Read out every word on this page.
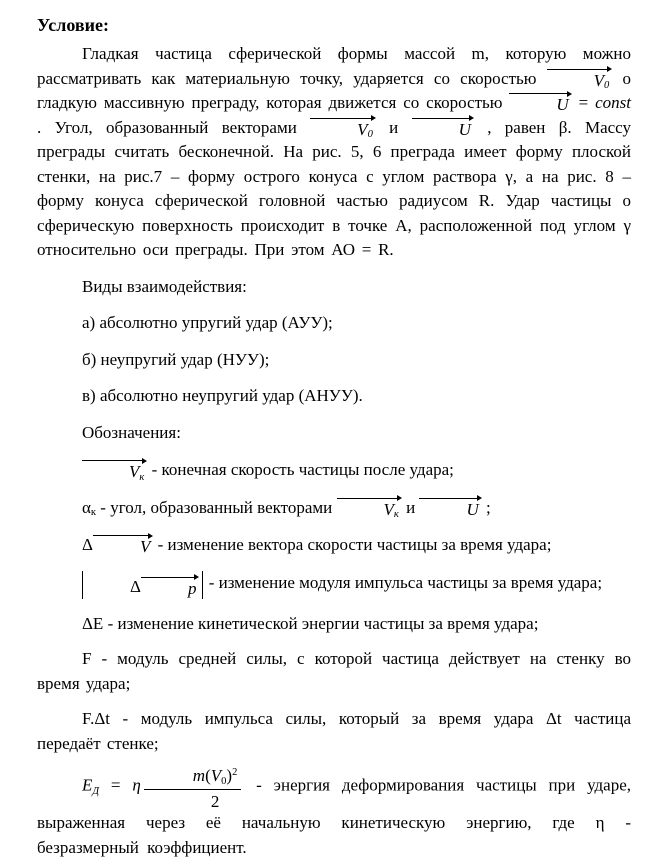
Условие:

Гладкая частица сферической формы массой m, которую можно рассматривать как материальную точку, ударяется со скоростью	$V_0$ о гладкую массивную преграду, которая движется со скоростью	U = const . Угол, образованный векторами	$V_0$ и	U , равен β. Массу преграды считать бесконечной. На рис. 5, 6 преграда имеет форму плоской стенки, на рис.7 – форму острого конуса с углом раствора γ, а на рис. 8 – форму конуса сферической головной частью радиусом R. Удар частицы о сферическую поверхность происходит в точке А, расположенной под углом γ относительно оси преграды. При этом АО = R.

Виды взаимодействия:

а) абсолютно упругий удар (АУУ);

б) неупругий удар (НУУ);

в) абсолютно неупругий удар (АНУУ).

Обозначения:

$V_к$ - конечная скорость частицы после удара;

$\alpha_к$ - угол, образованный векторами	$V_к$ и	U ;

Δ	V - изменение вектора скорости частицы за время удара;

Δ	p - изменение модуля импульса частицы за время удара;

ΔE - изменение кинетической энергии частицы за время удара;

F - модуль средней силы, с которой частица действует на стенку во время удара;

F.Δt - модуль импульса силы, который за время удара Δt частица передаёт стенке;

$E_Д = \eta \frac{m(V_0)^2}{2}$ - энергия деформирования частицы при ударе, выраженная через её начальную кинетическую энергию, где η - безразмерный коэффициент.
